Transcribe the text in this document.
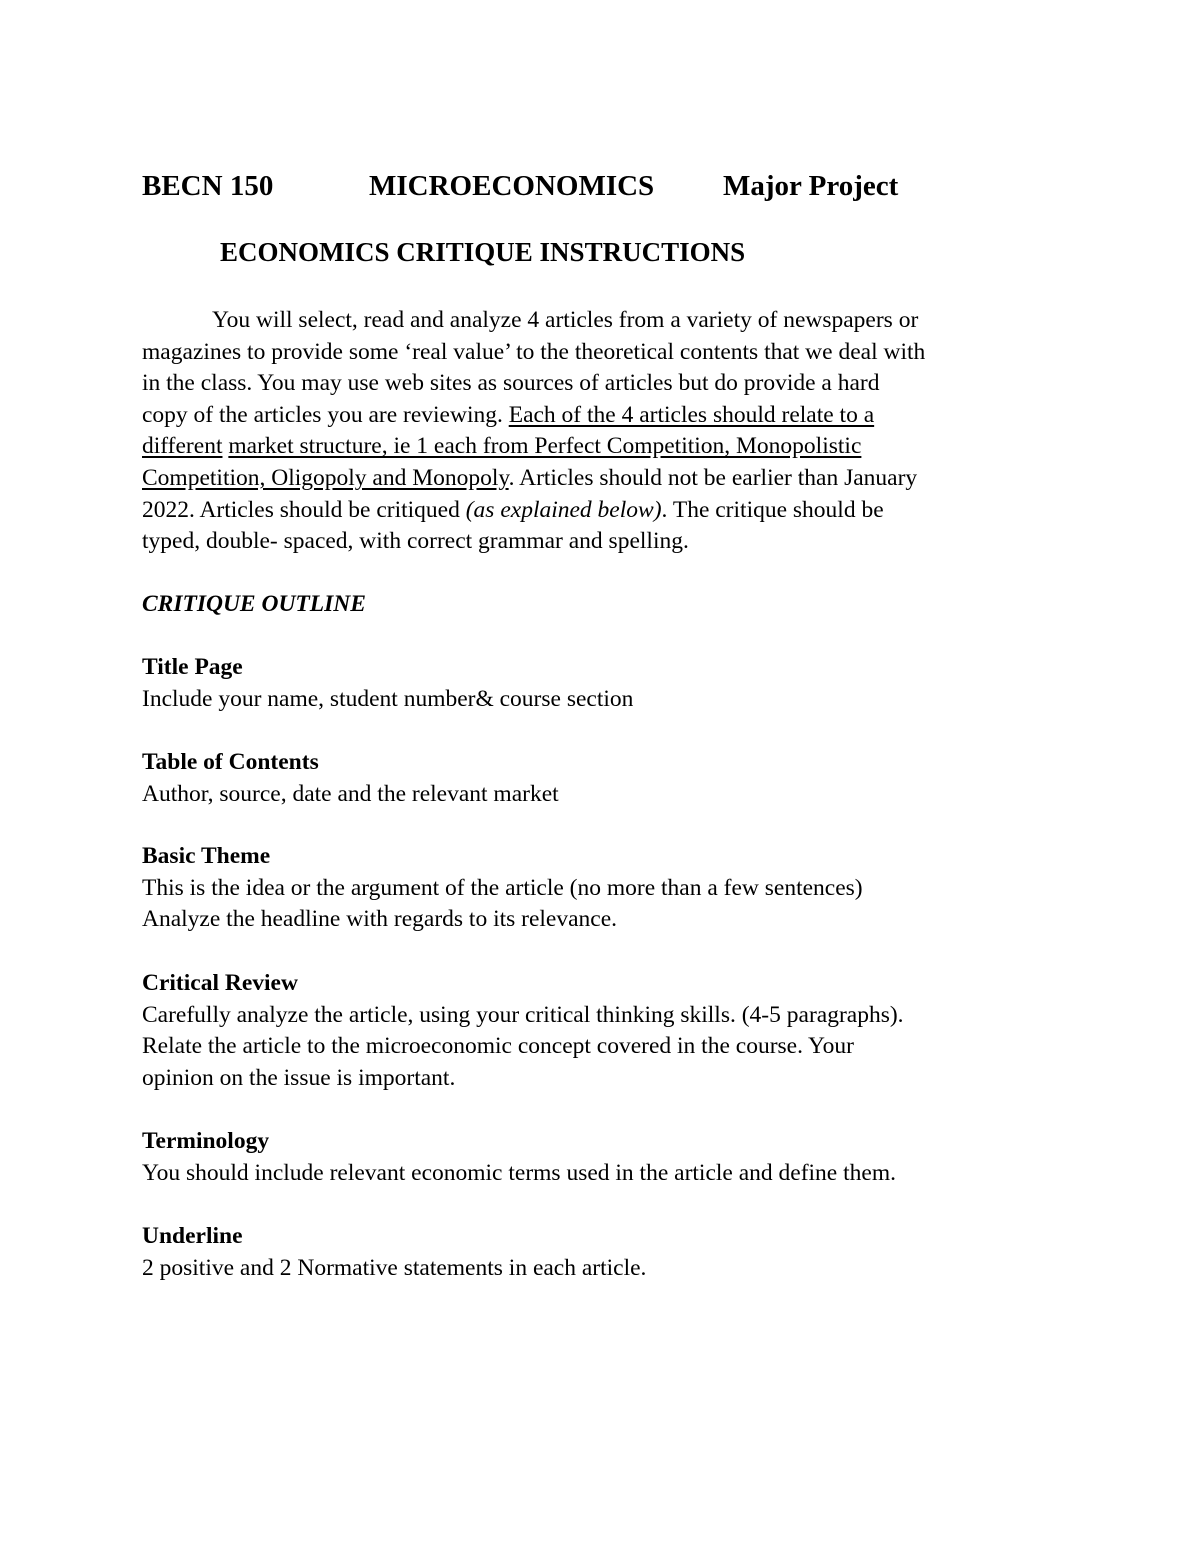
BECN 150	MICROECONOMICS Major Project
ECONOMICS CRITIQUE INSTRUCTIONS
You will select, read and analyze 4 articles from a variety of newspapers or
magazines to provide some ‘real value’ to the theoretical contents that we deal with
in the class. You may use web sites as sources of articles but do provide a hard
copy of the articles you are reviewing. Each of the 4 articles should relate to a
different market structure, ie 1 each from Perfect Competition, Monopolistic
Competition, Oligopoly and Monopoly. Articles should not be earlier than January
2022. Articles should be critiqued (as explained below). The critique should be
typed, double- spaced, with correct grammar and spelling.
CRITIQUE OUTLINE
Title Page
Include your name, student number& course section
Table of Contents
Author, source, date and the relevant market
Basic Theme
This is the idea or the argument of the article (no more than a few sentences)
Analyze the headline with regards to its relevance.
Critical Review
Carefully analyze the article, using your critical thinking skills. (4-5 paragraphs).
Relate the article to the microeconomic concept covered in the course. Your
opinion on the issue is important.
Terminology
You should include relevant economic terms used in the article and define them.
Underline
2 positive and 2 Normative statements in each article.
